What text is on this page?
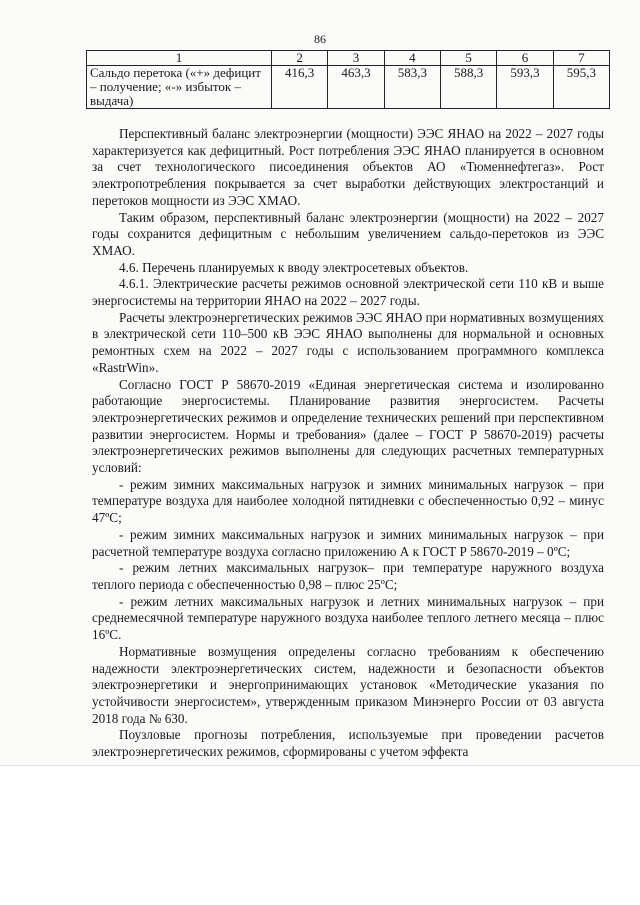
86
1	2	3	4	5	6	7
Сальдо перетока («+» дефицит – получение; «-» избыток – выдача)	416,3	463,3	583,3	588,3	593,3	595,3

Перспективный баланс электроэнергии (мощности) ЭЭС ЯНАО на 2022 – 2027 годы характеризуется как дефицитный. Рост потребления ЭЭС ЯНАО планируется в основном за счет технологического писоединения объектов АО «Тюменнефтегаз». Рост электропотребления покрывается за счет выработки действующих электростанций и перетоков мощности из ЭЭС ХМАО.

Таким образом, перспективный баланс электроэнергии (мощности) на 2022 – 2027 годы сохранится дефицитным с небольшим увеличением сальдо-перетоков из ЭЭС ХМАО.

4.6. Перечень планируемых к вводу электросетевых объектов.

4.6.1. Электрические расчеты режимов основной электрической сети 110 кВ и выше энергосистемы на территории ЯНАО на 2022 – 2027 годы.

Расчеты электроэнергетических режимов ЭЭС ЯНАО при нормативных возмущениях в электрической сети 110–500 кВ ЭЭС ЯНАО выполнены для нормальной и основных ремонтных схем на 2022 – 2027 годы с использованием программного комплекса «RastrWin».

Согласно ГОСТ Р 58670-2019 «Единая энергетическая система и изолированно работающие энергосистемы. Планирование развития энергосистем. Расчеты электроэнергетических режимов и определение технических решений при перспективном развитии энергосистем. Нормы и требования» (далее – ГОСТ Р 58670-2019) расчеты электроэнергетических режимов выполнены для следующих расчетных температурных условий:

- режим зимних максимальных нагрузок и зимних минимальных нагрузок – при температуре воздуха для наиболее холодной пятидневки с обеспеченностью 0,92 – минус 47ºС;

- режим зимних максимальных нагрузок и зимних минимальных нагрузок – при расчетной температуре воздуха согласно приложению А к ГОСТ Р 58670-2019 – 0ºС;

- режим летних максимальных нагрузок– при температуре наружного воздуха теплого периода с обеспеченностью 0,98 – плюс 25ºС;

- режим летних максимальных нагрузок и летних минимальных нагрузок – при среднемесячной температуре наружного воздуха наиболее теплого летнего месяца – плюс 16ºС.

Нормативные возмущения определены согласно требованиям к обеспечению надежности электроэнергетических систем, надежности и безопасности объектов электроэнергетики и энергопринимающих установок «Методические указания по устойчивости энергосистем», утвержденным приказом Минэнерго России от 03 августа 2018 года № 630.

Поузловые прогнозы потребления, используемые при проведении расчетов электроэнергетических режимов, сформированы с учетом эффекта
